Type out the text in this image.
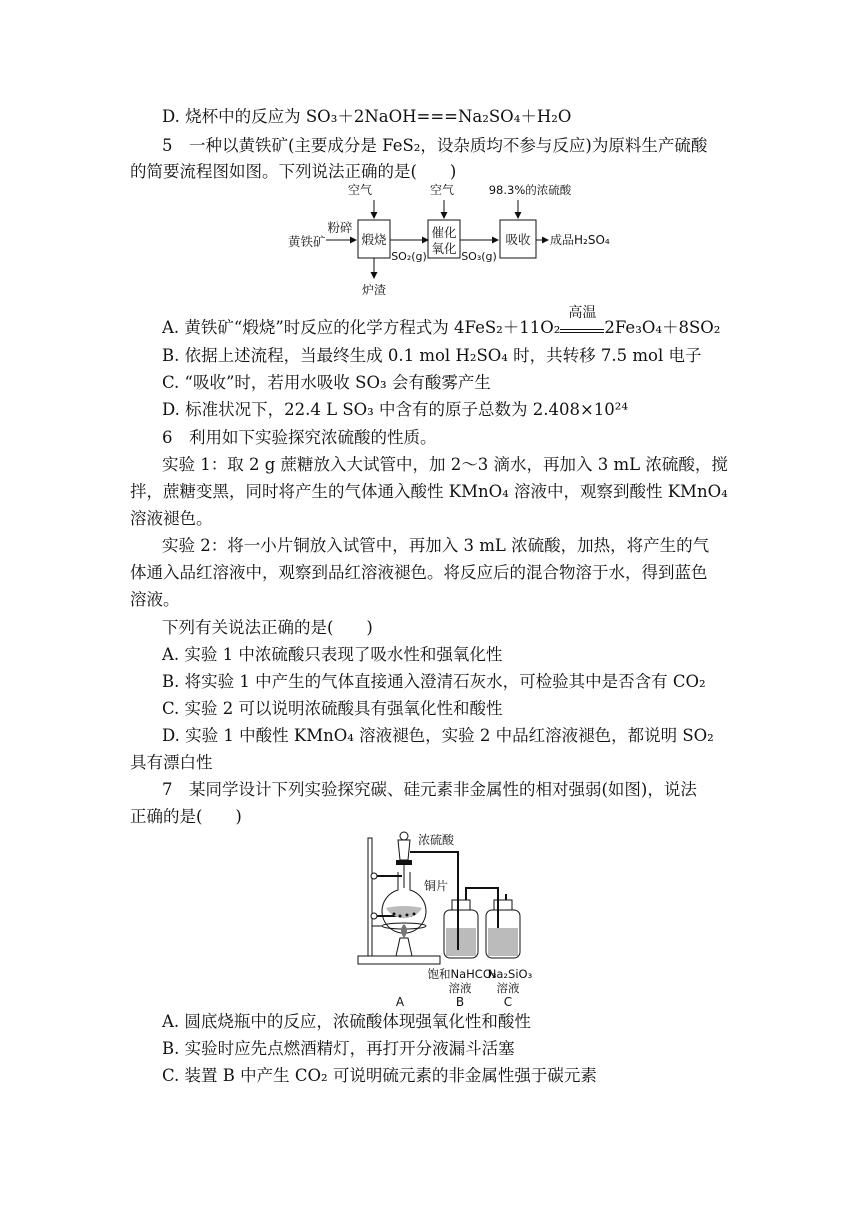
D. 烧杯中的反应为 SO₃＋2NaOH===Na₂SO₄＋H₂O
5　一种以黄铁矿(主要成分是 FeS₂，设杂质均不参与反应)为原料生产硫酸
的简要流程图如图。下列说法正确的是(　　)
空气	空气	98.3%的浓硫酸
黄铁矿
粉碎
煅烧
SO₂(g)
催化
氧化
SO₃(g)
吸收 成品H₂SO₄
炉渣
A. 黄铁矿“煅烧”时反应的化学方程式为 4FeS₂＋11O₂
高温
2Fe₃O₄＋8SO₂
B. 依据上述流程，当最终生成 0.1 mol H₂SO₄ 时，共转移 7.5 mol 电子
C. “吸收”时，若用水吸收 SO₃ 会有酸雾产生
D. 标准状况下，22.4 L SO₃ 中含有的原子总数为 2.408×10²⁴
6　利用如下实验探究浓硫酸的性质。
实验 1：取 2 g 蔗糖放入大试管中，加 2～3 滴水，再加入 3 mL 浓硫酸，搅
拌，蔗糖变黑，同时将产生的气体通入酸性 KMnO₄ 溶液中，观察到酸性 KMnO₄
溶液褪色。
实验 2：将一小片铜放入试管中，再加入 3 mL 浓硫酸，加热，将产生的气
体通入品红溶液中，观察到品红溶液褪色。将反应后的混合物溶于水，得到蓝色
溶液。
下列有关说法正确的是(　　)
A. 实验 1 中浓硫酸只表现了吸水性和强氧化性
B. 将实验 1 中产生的气体直接通入澄清石灰水，可检验其中是否含有 CO₂
C. 实验 2 可以说明浓硫酸具有强氧化性和酸性
D. 实验 1 中酸性 KMnO₄ 溶液褪色，实验 2 中品红溶液褪色，都说明 SO₂
具有漂白性
7　某同学设计下列实验探究碳、硅元素非金属性的相对强弱(如图)，说法
正确的是(　　)
浓硫酸
铜片
饱和NaHCO₃
溶液
Na₂SiO₃
溶液
A	B	C
A. 圆底烧瓶中的反应，浓硫酸体现强氧化性和酸性
B. 实验时应先点燃酒精灯，再打开分液漏斗活塞
C. 装置 B 中产生 CO₂ 可说明硫元素的非金属性强于碳元素
